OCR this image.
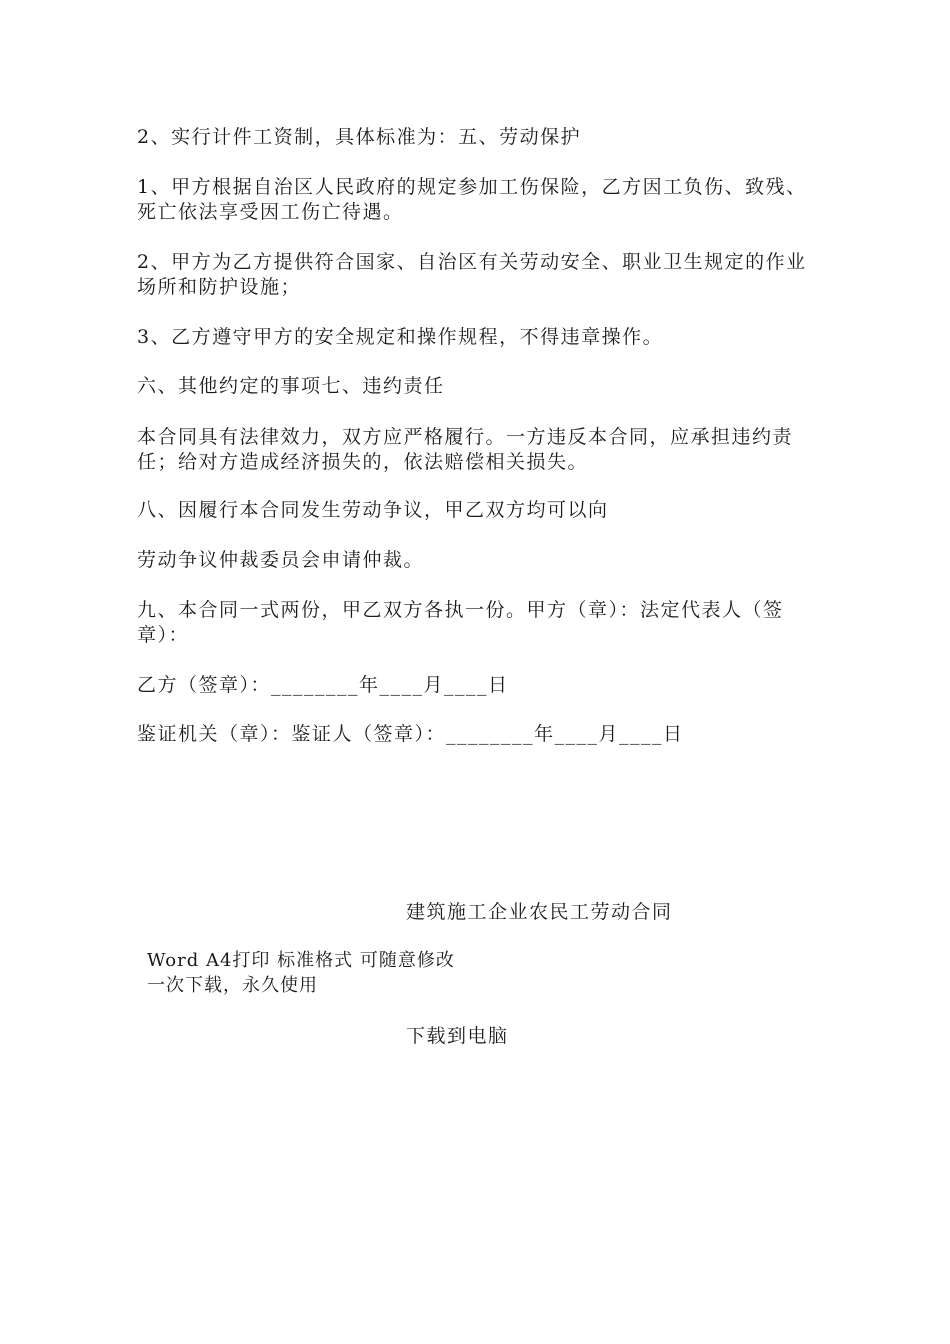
2、实行计件工资制，具体标准为：五、劳动保护

1、甲方根据自治区人民政府的规定参加工伤保险，乙方因工负伤、致残、死亡依法享受因工伤亡待遇。

2、甲方为乙方提供符合国家、自治区有关劳动安全、职业卫生规定的作业场所和防护设施；

3、乙方遵守甲方的安全规定和操作规程，不得违章操作。

六、其他约定的事项七、违约责任

本合同具有法律效力，双方应严格履行。一方违反本合同，应承担违约责任；给对方造成经济损失的，依法赔偿相关损失。

八、因履行本合同发生劳动争议，甲乙双方均可以向

劳动争议仲裁委员会申请仲裁。

九、本合同一式两份，甲乙双方各执一份。甲方（章）：法定代表人（签章）：

乙方（签章）：________年____月____日

鉴证机关（章）：鉴证人（签章）：________年____月____日

建筑施工企业农民工劳动合同
Word A4打印 标准格式 可随意修改
一次下载，永久使用
下载到电脑
